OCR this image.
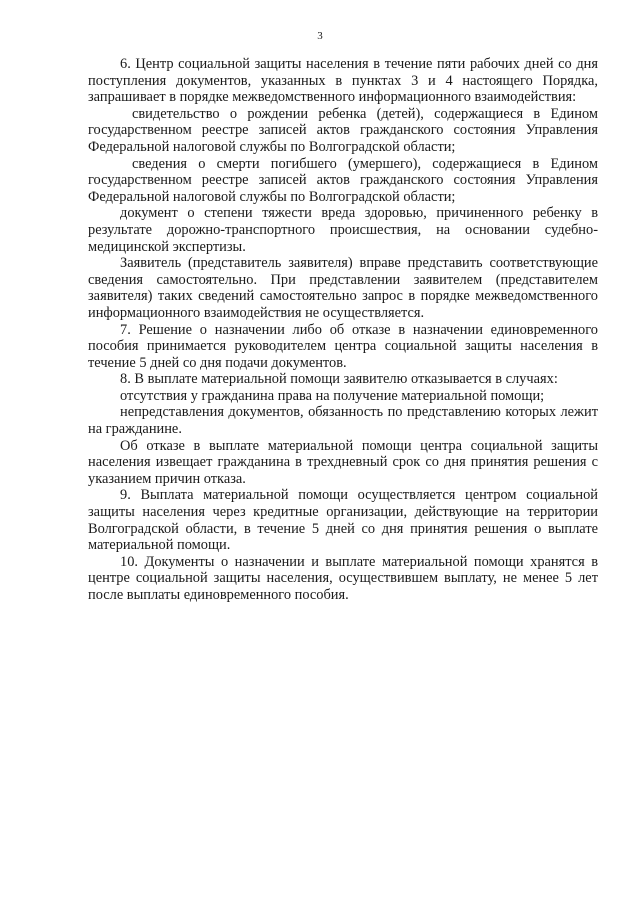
3

6. Центр социальной защиты населения в течение пяти рабочих дней со дня поступления документов, указанных в пунктах 3 и 4 настоящего Порядка, запрашивает в порядке межведомственного информационного взаимодействия:

свидетельство о рождении ребенка (детей), содержащиеся в Едином государственном реестре записей актов гражданского состояния Управления Федеральной налоговой службы по Волгоградской области;

сведения о смерти погибшего (умершего), содержащиеся в Едином государственном реестре записей актов гражданского состояния Управления Федеральной налоговой службы по Волгоградской области;

документ о степени тяжести вреда здоровью, причиненного ребенку в результате дорожно-транспортного происшествия, на основании судебно-медицинской экспертизы.

Заявитель (представитель заявителя) вправе представить соответствующие сведения самостоятельно. При представлении заявителем (представителем заявителя) таких сведений самостоятельно запрос в порядке межведомственного информационного взаимодействия не осуществляется.

7. Решение о назначении либо об отказе в назначении единовременного пособия принимается руководителем центра социальной защиты населения в течение 5 дней со дня подачи документов.

8. В выплате материальной помощи заявителю отказывается в случаях:

отсутствия у гражданина права на получение материальной помощи;

непредставления документов, обязанность по представлению которых лежит на гражданине.

Об отказе в выплате материальной помощи центра социальной защиты населения извещает гражданина в трехдневный срок со дня принятия решения с указанием причин отказа.

9. Выплата материальной помощи осуществляется центром социальной защиты населения через кредитные организации, действующие на территории Волгоградской области, в течение 5 дней со дня принятия решения о выплате материальной помощи.

10. Документы о назначении и выплате материальной помощи хранятся в центре социальной защиты населения, осуществившем выплату, не менее 5 лет после выплаты единовременного пособия.
